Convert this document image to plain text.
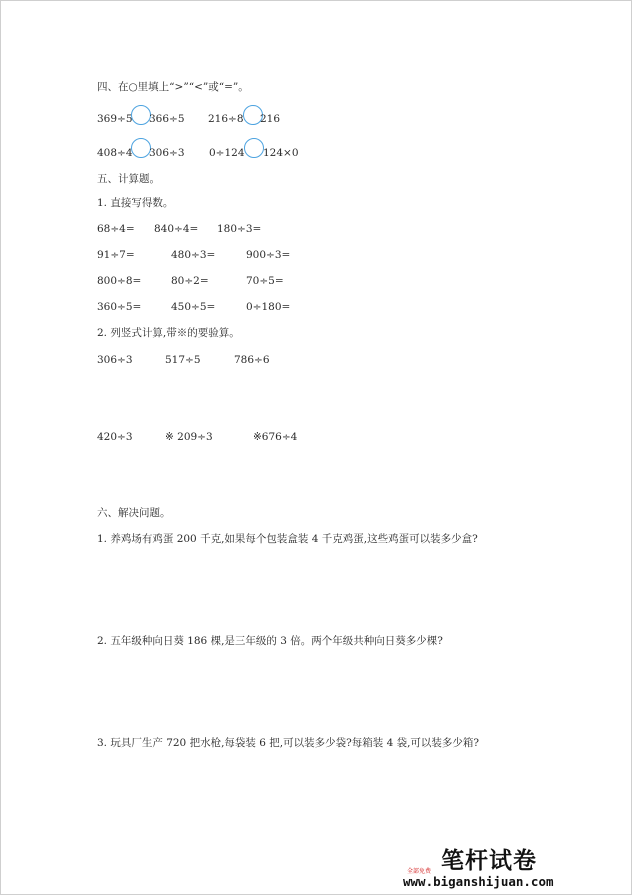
四、在○里填上“>”“<”或“=”。
369÷5 366÷5 216÷8 216
408÷4 306÷3 0÷124 124×0
五、计算题。
1. 直接写得数。
68÷4= 840÷4= 180÷3=
91÷7=	480÷3=	900÷3=
800÷8=	80÷2=	70÷5=
360÷5=	450÷5=	0÷180=
2. 列竖式计算,带※的要验算。
306÷3	517÷5	786÷6
420÷3	※ 209÷3	※676÷4
六、解决问题。
1. 养鸡场有鸡蛋 200 千克,如果每个包装盒装 4 千克鸡蛋,这些鸡蛋可以装多少盒?
2. 五年级种向日葵 186 棵,是三年级的 3 倍。两个年级共种向日葵多少棵?
3. 玩具厂生产 720 把水枪,每袋装 6 把,可以装多少袋?每箱装 4 袋,可以装多少箱?
笔杆试卷
全部免费
www.biganshijuan.com
